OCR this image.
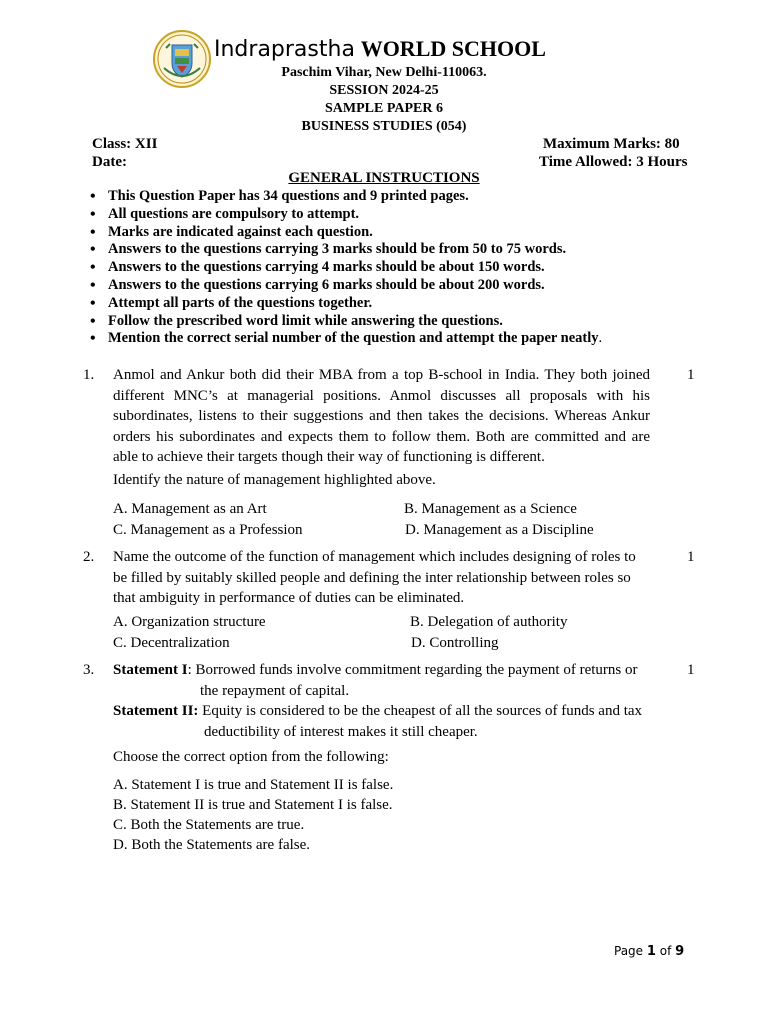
Indraprastha WORLD SCHOOL
Paschim Vihar, New Delhi-110063.
SESSION 2024-25
SAMPLE PAPER 6
BUSINESS STUDIES (054)
Class: XII
Date:
Maximum Marks: 80
Time Allowed: 3 Hours
GENERAL INSTRUCTIONS
• This Question Paper has 34 questions and 9 printed pages.
• All questions are compulsory to attempt.
• Marks are indicated against each question.
• Answers to the questions carrying 3 marks should be from 50 to 75 words.
• Answers to the questions carrying 4 marks should be about 150 words.
• Answers to the questions carrying 6 marks should be about 200 words.
• Attempt all parts of the questions together.
• Follow the prescribed word limit while answering the questions.
• Mention the correct serial number of the question and attempt the paper neatly.
1.	1
Anmol and Ankur both did their MBA from a top B-school in India. They both joined different MNC’s at managerial positions. Anmol discusses all proposals with his subordinates, listens to their suggestions and then takes the decisions. Whereas Ankur orders his subordinates and expects them to follow them. Both are committed and are able to achieve their targets though their way of functioning is different.
Identify the nature of management highlighted above.
A. Management as an Art	B. Management as a Science
C. Management as a Profession	D. Management as a Discipline
2.	1
Name the outcome of the function of management which includes designing of roles to be filled by suitably skilled people and defining the inter relationship between roles so that ambiguity in performance of duties can be eliminated.
A. Organization structure	B. Delegation of authority
C. Decentralization	D. Controlling
3.	1
Statement I: Borrowed funds involve commitment regarding the payment of returns or
the repayment of capital.
Statement II: Equity is considered to be the cheapest of all the sources of funds and tax
deductibility of interest makes it still cheaper.
Choose the correct option from the following:
A. Statement I is true and Statement II is false.
B. Statement II is true and Statement I is false.
C. Both the Statements are true.
D. Both the Statements are false.
Page 1 of 9
